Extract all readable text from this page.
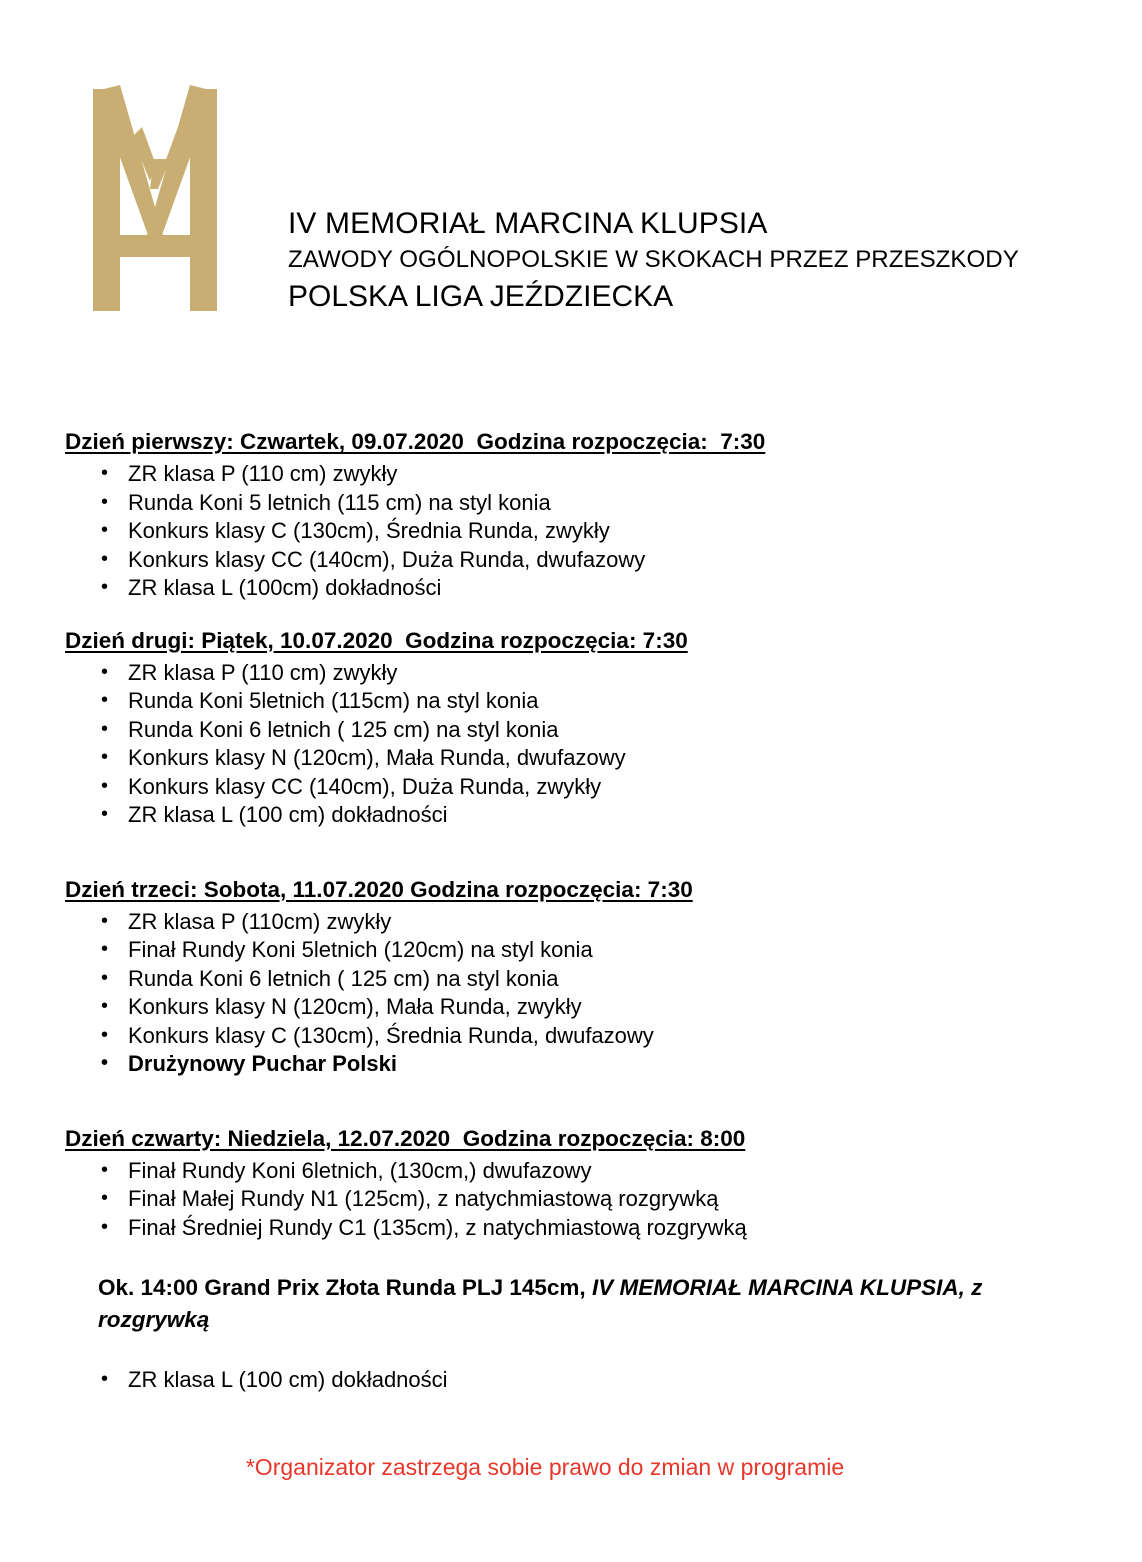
IV MEMORIAŁ MARCINA KLUPSIA
ZAWODY OGÓLNOPOLSKIE W SKOKACH PRZEZ PRZESZKODY
POLSKA LIGA JEŹDZIECKA
Dzień pierwszy: Czwartek, 09.07.2020  Godzina rozpoczęcia:  7:30
• ZR klasa P (110 cm) zwykły
• Runda Koni 5 letnich (115 cm) na styl konia
• Konkurs klasy C (130cm), Średnia Runda, zwykły
• Konkurs klasy CC (140cm), Duża Runda, dwufazowy
• ZR klasa L (100cm) dokładności
Dzień drugi: Piątek, 10.07.2020  Godzina rozpoczęcia: 7:30
• ZR klasa P (110 cm) zwykły
• Runda Koni 5letnich (115cm) na styl konia
• Runda Koni 6 letnich ( 125 cm) na styl konia
• Konkurs klasy N (120cm), Mała Runda, dwufazowy
• Konkurs klasy CC (140cm), Duża Runda, zwykły
• ZR klasa L (100 cm) dokładności
Dzień trzeci: Sobota, 11.07.2020 Godzina rozpoczęcia: 7:30
• ZR klasa P (110cm) zwykły
• Finał Rundy Koni 5letnich (120cm) na styl konia
• Runda Koni 6 letnich ( 125 cm) na styl konia
• Konkurs klasy N (120cm), Mała Runda, zwykły
• Konkurs klasy C (130cm), Średnia Runda, dwufazowy
• Drużynowy Puchar Polski
Dzień czwarty: Niedziela, 12.07.2020  Godzina rozpoczęcia: 8:00
• Finał Rundy Koni 6letnich, (130cm,) dwufazowy
• Finał Małej Rundy N1 (125cm), z natychmiastową rozgrywką
• Finał Średniej Rundy C1 (135cm), z natychmiastową rozgrywką

Ok. 14:00 Grand Prix Złota Runda PLJ 145cm, IV MEMORIAŁ MARCINA KLUPSIA, z rozgrywką

• ZR klasa L (100 cm) dokładności
*Organizator zastrzega sobie prawo do zmian w programie
